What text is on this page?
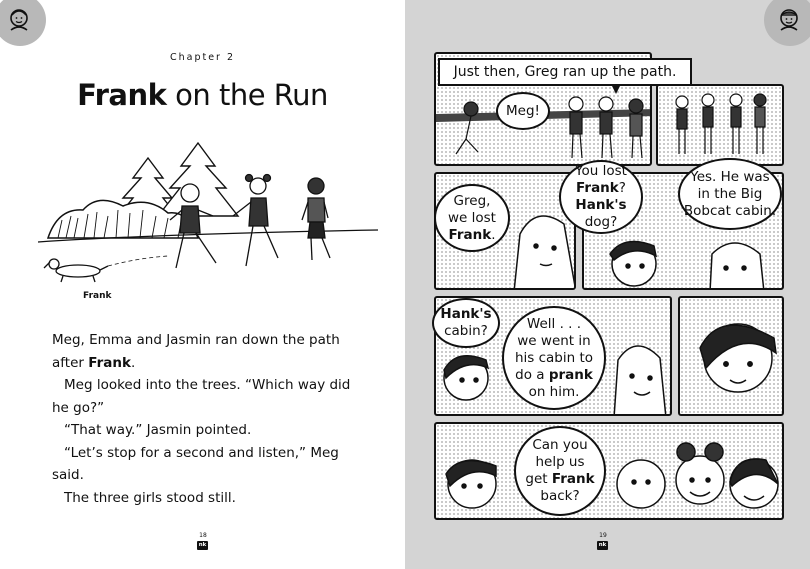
Chapter 2
Frank on the Run
Frank

Meg, Emma and Jasmin ran down the path after Frank.

Meg looked into the trees. “Which way did he go?”

“That way.” Jasmin pointed.

“Let’s stop for a second and listen,” Meg said.

The three girls stood still.

18
nk
19
nk
Just then, Greg ran up the path.
Meg!
Greg,
we lost
Frank.
You lost
Frank?
Hank's dog?
Yes. He was
in the Big
Bobcat cabin.
Hank's
cabin?	Well . . .
we went in
his cabin to
do a prank
on him.
Can you
help us
get Frank
back?
